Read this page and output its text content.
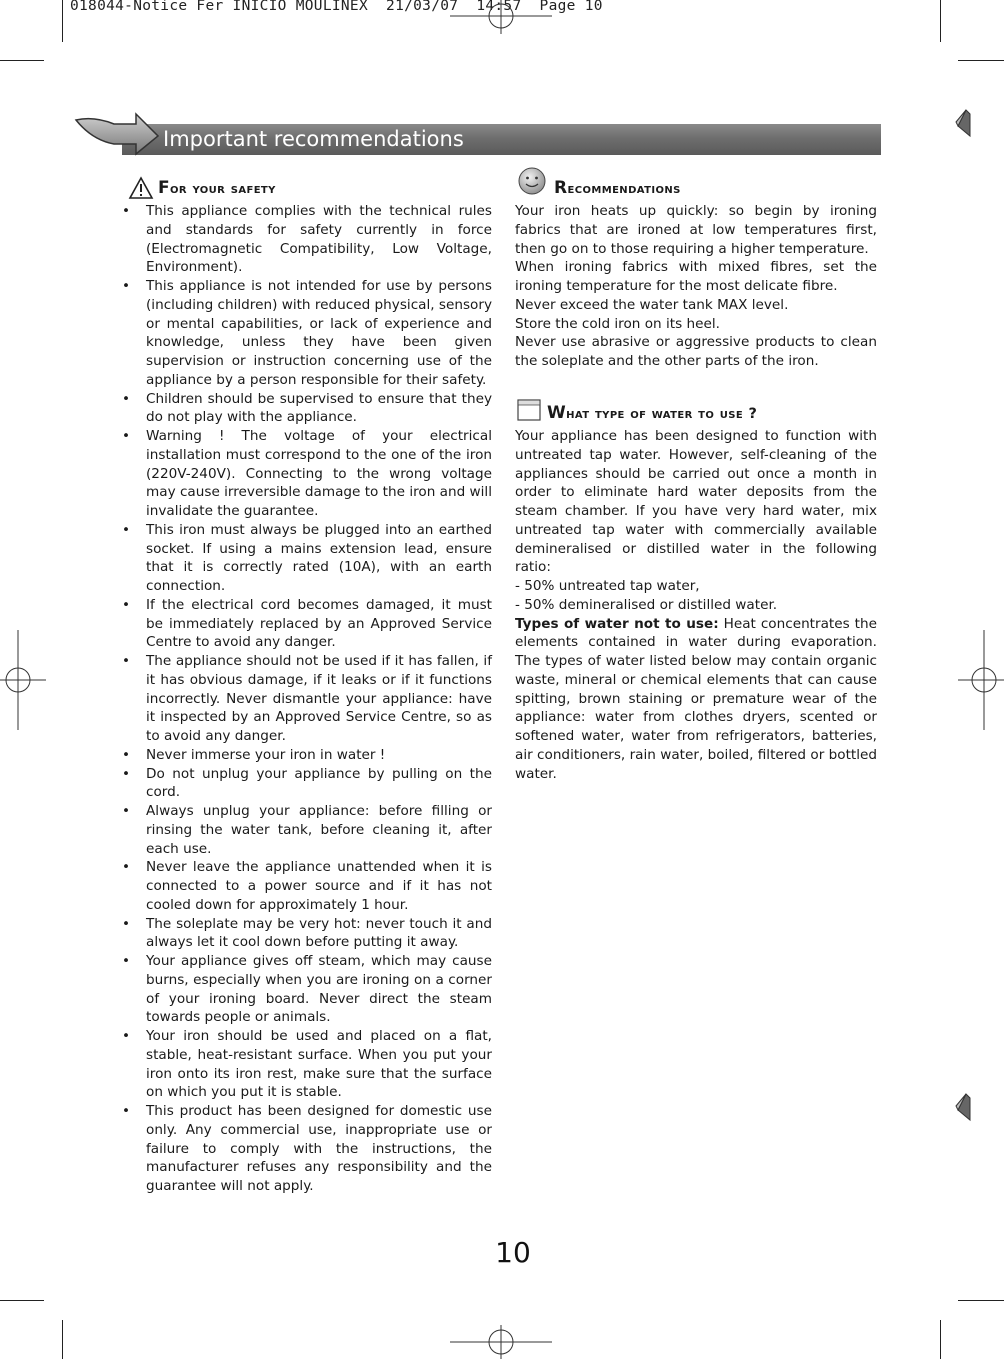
018044-Notice Fer INICIO MOULINEX  21/03/07  14:57  Page 10
Important recommendations
For your safety
• This appliance complies with the technical rules and standards for safety currently in force (Electromagnetic Compatibility, Low Voltage, Environment).
• This appliance is not intended for use by persons (including children) with reduced physical, sensory or mental capabilities, or lack of experience and knowledge, unless they have been given supervision or instruction concerning use of the appliance by a person responsible for their safety.
• Children should be supervised to ensure that they do not play with the appliance.
• Warning ! The voltage of your electrical installation must correspond to the one of the iron (220V-240V). Connecting to the wrong voltage may cause irreversible damage to the iron and will invalidate the guarantee.
• This iron must always be plugged into an earthed socket. If using a mains extension lead, ensure that it is correctly rated (10A), with an earth connection.
• If the electrical cord becomes damaged, it must be immediately replaced by an Approved Service Centre to avoid any danger.
• The appliance should not be used if it has fallen, if it has obvious damage, if it leaks or if it functions incorrectly. Never dismantle your appliance: have it inspected by an Approved Service Centre, so as to avoid any danger.
• Never immerse your iron in water !
• Do not unplug your appliance by pulling on the cord.
• Always unplug your appliance: before filling or rinsing the water tank, before cleaning it, after each use.
• Never leave the appliance unattended when it is connected to a power source and if it has not cooled down for approximately 1 hour.
• The soleplate may be very hot: never touch it and always let it cool down before putting it away.
• Your appliance gives off steam, which may cause burns, especially when you are ironing on a corner of your ironing board. Never direct the steam towards people or animals.
• Your iron should be used and placed on a flat, stable, heat-resistant surface. When you put your iron onto its iron rest, make sure that the surface on which you put it is stable.
• This product has been designed for domestic use only. Any commercial use, inappropriate use or failure to comply with the instructions, the manufacturer refuses any responsibility and the guarantee will not apply.
Recommendations

Your iron heats up quickly: so begin by ironing fabrics that are ironed at low temperatures first, then go on to those requiring a higher temperature.

When ironing fabrics with mixed fibres, set the ironing temperature for the most delicate fibre.

Never exceed the water tank MAX level.

Store the cold iron on its heel.

Never use abrasive or aggressive products to clean the soleplate and the other parts of the iron.

What type of water to use ?

Your appliance has been designed to function with untreated tap water. However, self-cleaning of the appliances should be carried out once a month in order to eliminate hard water deposits from the steam chamber. If you have very hard water, mix untreated tap water with commercially available demineralised or distilled water in the following ratio:

- 50% untreated tap water,

- 50% demineralised or distilled water.

Types of water not to use: Heat concentrates the elements contained in water during evaporation. The types of water listed below may contain organic waste, mineral or chemical elements that can cause spitting, brown staining or premature wear of the appliance: water from clothes dryers, scented or softened water, water from refrigerators, batteries, air conditioners, rain water, boiled, filtered or bottled water.

10
